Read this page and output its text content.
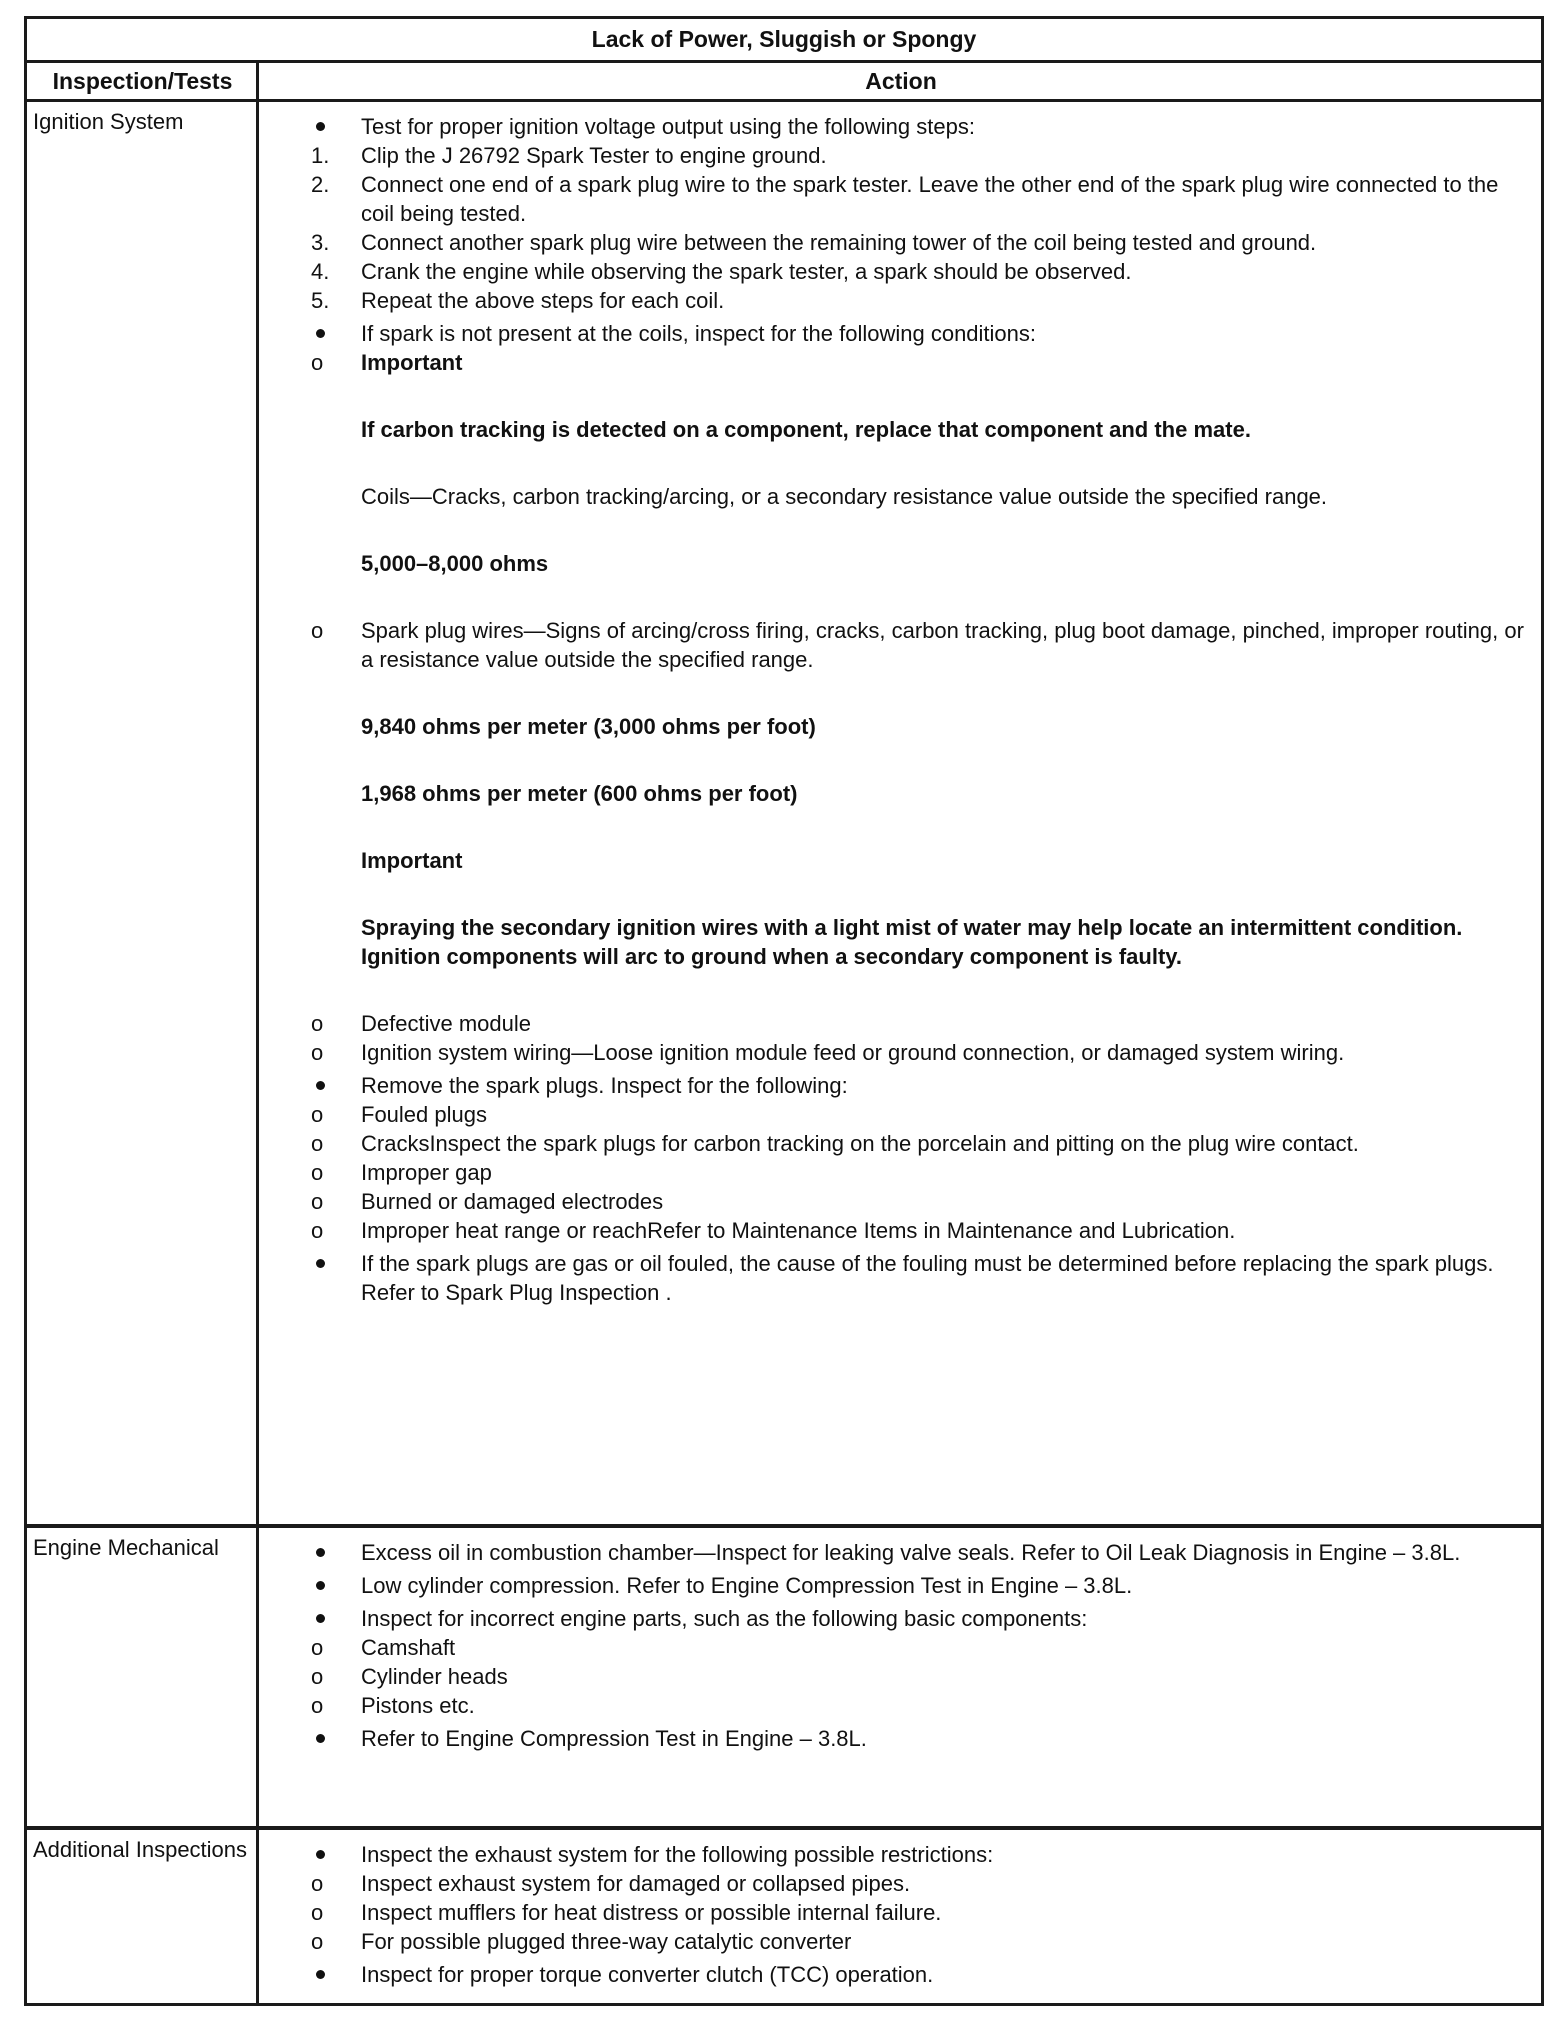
Lack of Power, Sluggish or Spongy
Inspection/Tests	Action
Ignition System	Test for proper ignition voltage output using the following steps:
1.	Clip the J 26792 Spark Tester to engine ground.
2.	Connect one end of a spark plug wire to the spark tester. Leave the other end of the spark plug wire connected to the coil being tested.
3.	Connect another spark plug wire between the remaining tower of the coil being tested and ground.
4.	Crank the engine while observing the spark tester, a spark should be observed.
5.	Repeat the above steps for each coil.
If spark is not present at the coils, inspect for the following conditions:
o	Important
If carbon tracking is detected on a component, replace that component and the mate.
Coils—Cracks, carbon tracking/arcing, or a secondary resistance value outside the specified range.
5,000–8,000 ohms
o	Spark plug wires—Signs of arcing/cross firing, cracks, carbon tracking, plug boot damage, pinched, improper routing, or a resistance value outside the specified range.
9,840 ohms per meter (3,000 ohms per foot)
1,968 ohms per meter (600 ohms per foot)
Important
Spraying the secondary ignition wires with a light mist of water may help locate an intermittent condition. Ignition components will arc to ground when a secondary component is faulty.
o	Defective module
o	Ignition system wiring—Loose ignition module feed or ground connection, or damaged system wiring.
Remove the spark plugs. Inspect for the following:
o	Fouled plugs
o	CracksInspect the spark plugs for carbon tracking on the porcelain and pitting on the plug wire contact.
o	Improper gap
o	Burned or damaged electrodes
o	Improper heat range or reachRefer to Maintenance Items in Maintenance and Lubrication.
If the spark plugs are gas or oil fouled, the cause of the fouling must be determined before replacing the spark plugs. Refer to Spark Plug Inspection .
Engine Mechanical	Excess oil in combustion chamber—Inspect for leaking valve seals. Refer to Oil Leak Diagnosis in Engine – 3.8L.
Low cylinder compression. Refer to Engine Compression Test in Engine – 3.8L.
Inspect for incorrect engine parts, such as the following basic components:
o	Camshaft
o	Cylinder heads
o	Pistons etc.
Refer to Engine Compression Test in Engine – 3.8L.
Additional Inspections	Inspect the exhaust system for the following possible restrictions:
o	Inspect exhaust system for damaged or collapsed pipes.
o	Inspect mufflers for heat distress or possible internal failure.
o	For possible plugged three-way catalytic converter
Inspect for proper torque converter clutch (TCC) operation.
